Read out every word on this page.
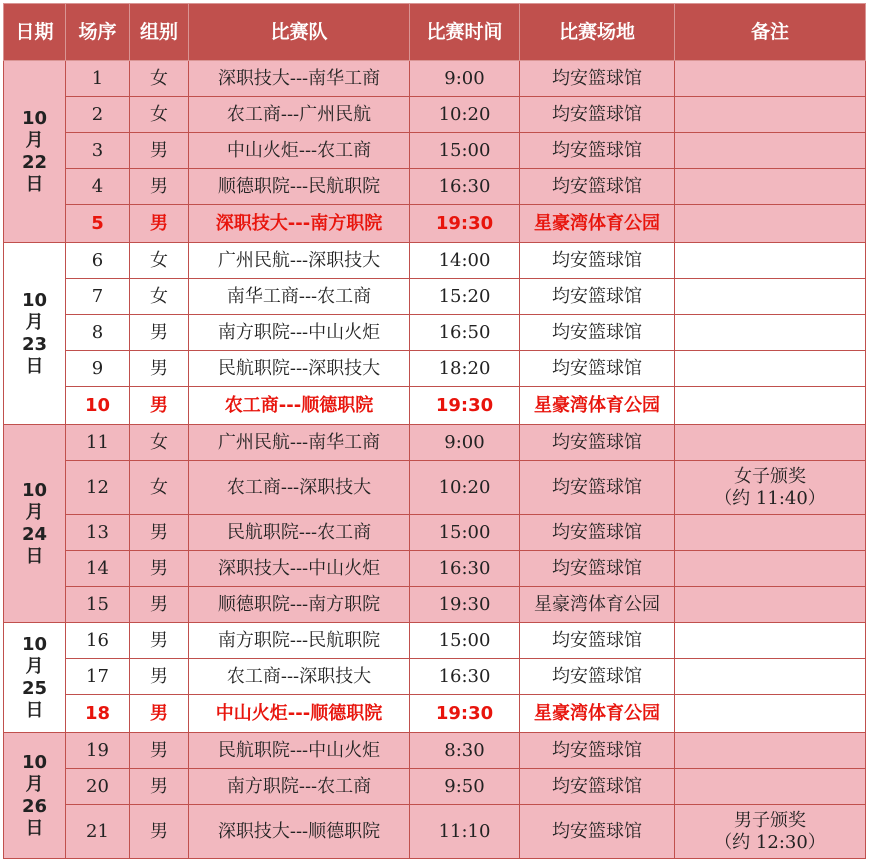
日期	场序	组别	比赛队	比赛时间	比赛场地	备注

10
月
22
日	1	女	深职技大---南华工商	9:00	均安篮球馆	
	2	女	农工商---广州民航	10:20	均安篮球馆	
	3	男	中山火炬---农工商	15:00	均安篮球馆	
	4	男	顺德职院---民航职院	16:30	均安篮球馆	
	5	男	深职技大---南方职院	19:30	星豪湾体育公园	

10
月
23
日	6	女	广州民航---深职技大	14:00	均安篮球馆	
	7	女	南华工商---农工商	15:20	均安篮球馆	
	8	男	南方职院---中山火炬	16:50	均安篮球馆	
	9	男	民航职院---深职技大	18:20	均安篮球馆	
	10	男	农工商---顺德职院	19:30	星豪湾体育公园	

10
月
24
日	11	女	广州民航---南华工商	9:00	均安篮球馆	
	12	女	农工商---深职技大	10:20	均安篮球馆	女子颁奖
（约 11:40）

	13	男	民航职院---农工商	15:00	均安篮球馆	
	14	男	深职技大---中山火炬	16:30	均安篮球馆	
	15	男	顺德职院---南方职院	19:30	星豪湾体育公园	

10
月
25
日	16	男	南方职院---民航职院	15:00	均安篮球馆	
	17	男	农工商---深职技大	16:30	均安篮球馆	
	18	男	中山火炬---顺德职院	19:30	星豪湾体育公园	

10
月
26
日	19	男	民航职院---中山火炬	8:30	均安篮球馆	
	20	男	南方职院---农工商	9:50	均安篮球馆	
	21	男	深职技大---顺德职院	11:10	均安篮球馆	男子颁奖
（约 12:30）
